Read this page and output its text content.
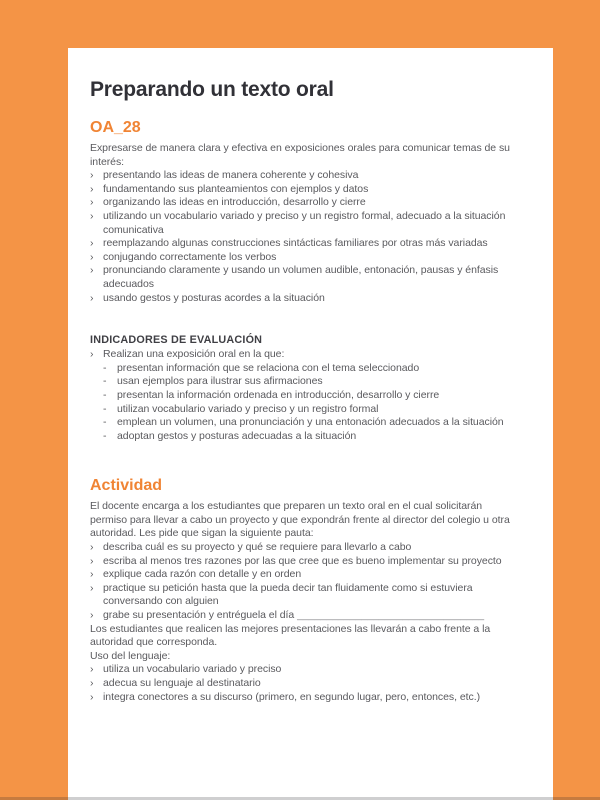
Preparando un texto oral
OA_28

Expresarse de manera clara y efectiva en exposiciones orales para comunicar temas de su interés:

› presentando las ideas de manera coherente y cohesiva
› fundamentando sus planteamientos con ejemplos y datos
› organizando las ideas en introducción, desarrollo y cierre
› utilizando un vocabulario variado y preciso y un registro formal, adecuado a la situación comunicativa
› reemplazando algunas construcciones sintácticas familiares por otras más variadas
› conjugando correctamente los verbos
› pronunciando claramente y usando un volumen audible, entonación, pausas y énfasis adecuados
› usando gestos y posturas acordes a la situación
INDICADORES DE EVALUACIÓN
› Realizan una exposición oral en la que:
-	presentan información que se relaciona con el tema seleccionado
-	usan ejemplos para ilustrar sus afirmaciones
-	presentan la información ordenada en introducción, desarrollo y cierre
-	utilizan vocabulario variado y preciso y un registro formal
-	emplean un volumen, una pronunciación y una entonación adecuados a la situación
-	adoptan gestos y posturas adecuadas a la situación
Actividad

El docente encarga a los estudiantes que preparen un texto oral en el cual solicitarán permiso para llevar a cabo un proyecto y que expondrán frente al director del colegio u otra autoridad. Les pide que sigan la siguiente pauta:

› describa cuál es su proyecto y qué se requiere para llevarlo a cabo
› escriba al menos tres razones por las que cree que es bueno implementar su proyecto
› explique cada razón con detalle y en orden
› practique su petición hasta que la pueda decir tan fluidamente como si estuviera conversando con alguien
› grabe su presentación y entréguela el día ________________________________

Los estudiantes que realicen las mejores presentaciones las llevarán a cabo frente a la autoridad que corresponda.

Uso del lenguaje:

› utiliza un vocabulario variado y preciso
› adecua su lenguaje al destinatario
› integra conectores a su discurso (primero, en segundo lugar, pero, entonces, etc.)
